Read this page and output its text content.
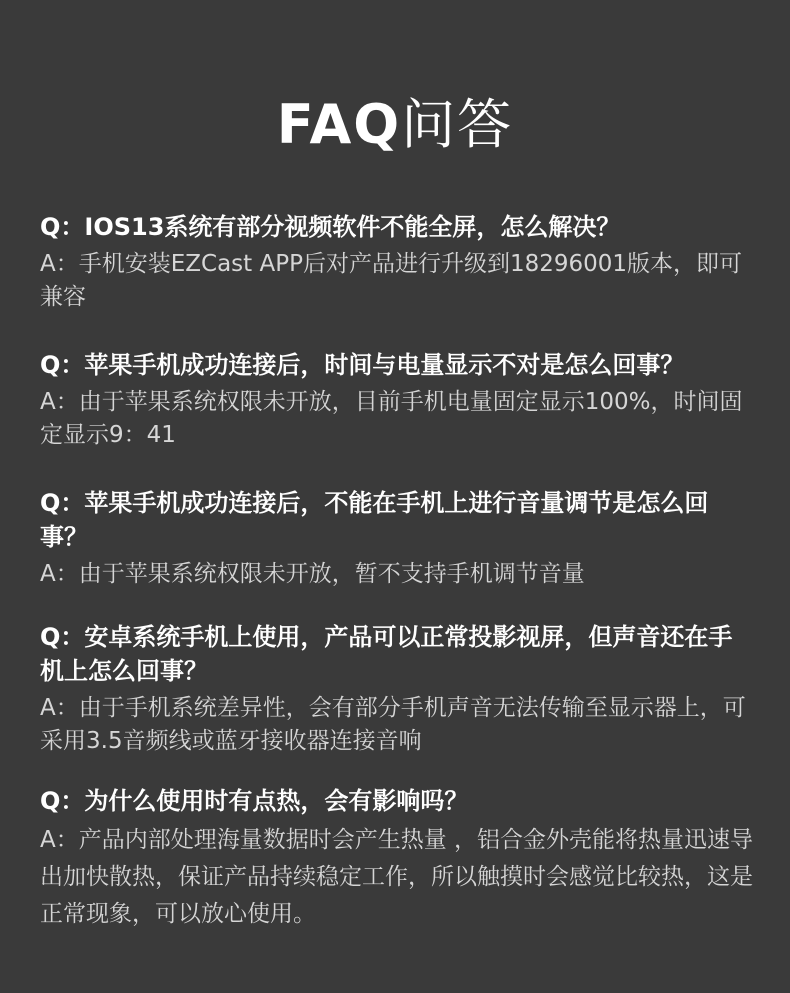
FAQ问答

Q：IOS13系统有部分视频软件不能全屏，怎么解决？

A：手机安装EZCast APP后对产品进行升级到18296001版本，即可兼容

Q：苹果手机成功连接后，时间与电量显示不对是怎么回事？

A：由于苹果系统权限未开放，目前手机电量固定显示100%，时间固定显示9：41

Q：苹果手机成功连接后，不能在手机上进行音量调节是怎么回事？

A：由于苹果系统权限未开放，暂不支持手机调节音量

Q：安卓系统手机上使用，产品可以正常投影视屏，但声音还在手机上怎么回事？

A：由于手机系统差异性，会有部分手机声音无法传输至显示器上，可采用3.5音频线或蓝牙接收器连接音响

Q：为什么使用时有点热，会有影响吗？

A：产品内部处理海量数据时会产生热量 ，铝合金外壳能将热量迅速导出加快散热，保证产品持续稳定工作，所以触摸时会感觉比较热，这是正常现象，可以放心使用。
